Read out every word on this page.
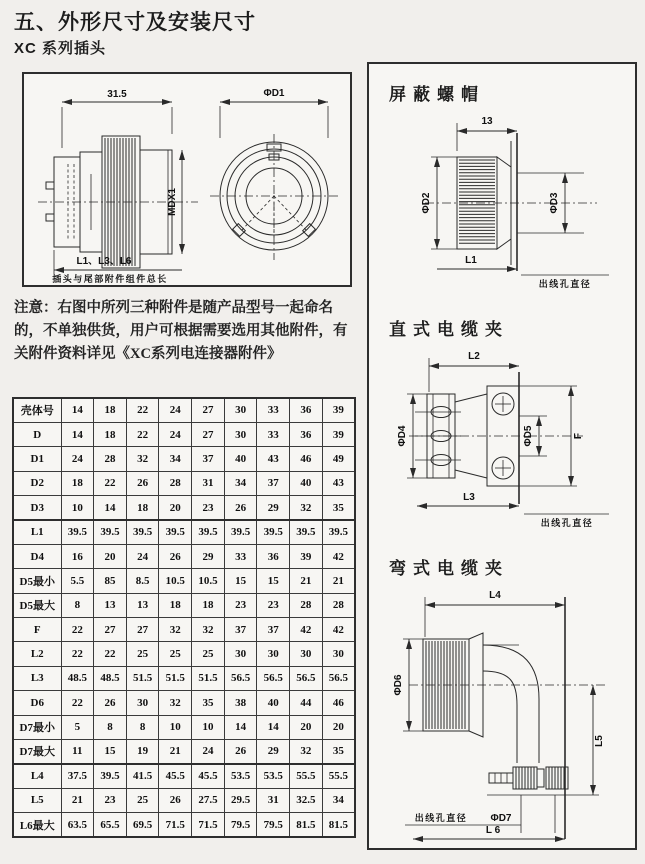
五、外形尺寸及安装尺寸
XC 系列插头
31.5
MDX1
L1、L3、L6
插头与尾部附件组件总长
ΦD1
注意：右图中所列三种附件是随产品型号一起命名的，不单独供货，用户可根据需要选用其他附件，有关附件资料详见《XC系列电连接器附件》
壳体号	14	18	22	24	27	30	33	36	39
D	14	18	22	24	27	30	33	36	39
D1	24	28	32	34	37	40	43	46	49
D2	18	22	26	28	31	34	37	40	43
D3	10	14	18	20	23	26	29	32	35
L1	39.5	39.5	39.5	39.5	39.5	39.5	39.5	39.5	39.5
D4	16	20	24	26	29	33	36	39	42
D5最小	5.5	85	8.5	10.5	10.5	15	15	21	21
D5最大	8	13	13	18	18	23	23	28	28
F	22	27	27	32	32	37	37	42	42
L2	22	22	25	25	25	30	30	30	30
L3	48.5	48.5	51.5	51.5	51.5	56.5	56.5	56.5	56.5
D6	22	26	30	32	35	38	40	44	46
D7最小	5	8	8	10	10	14	14	20	20
D7最大	11	15	19	21	24	26	29	32	35
L4	37.5	39.5	41.5	45.5	45.5	53.5	53.5	55.5	55.5
L5	21	23	25	26	27.5	29.5	31	32.5	34
L6最大	63.5	65.5	69.5	71.5	71.5	79.5	79.5	81.5	81.5
屏蔽螺帽
13
ΦD2	ΦD3
L1
出线孔直径
直式电缆夹
L2
ΦD4	ΦD5	F
L3
出线孔直径
弯式电缆夹
L4
ΦD6
L5
出线孔直径 ΦD7
L 6
